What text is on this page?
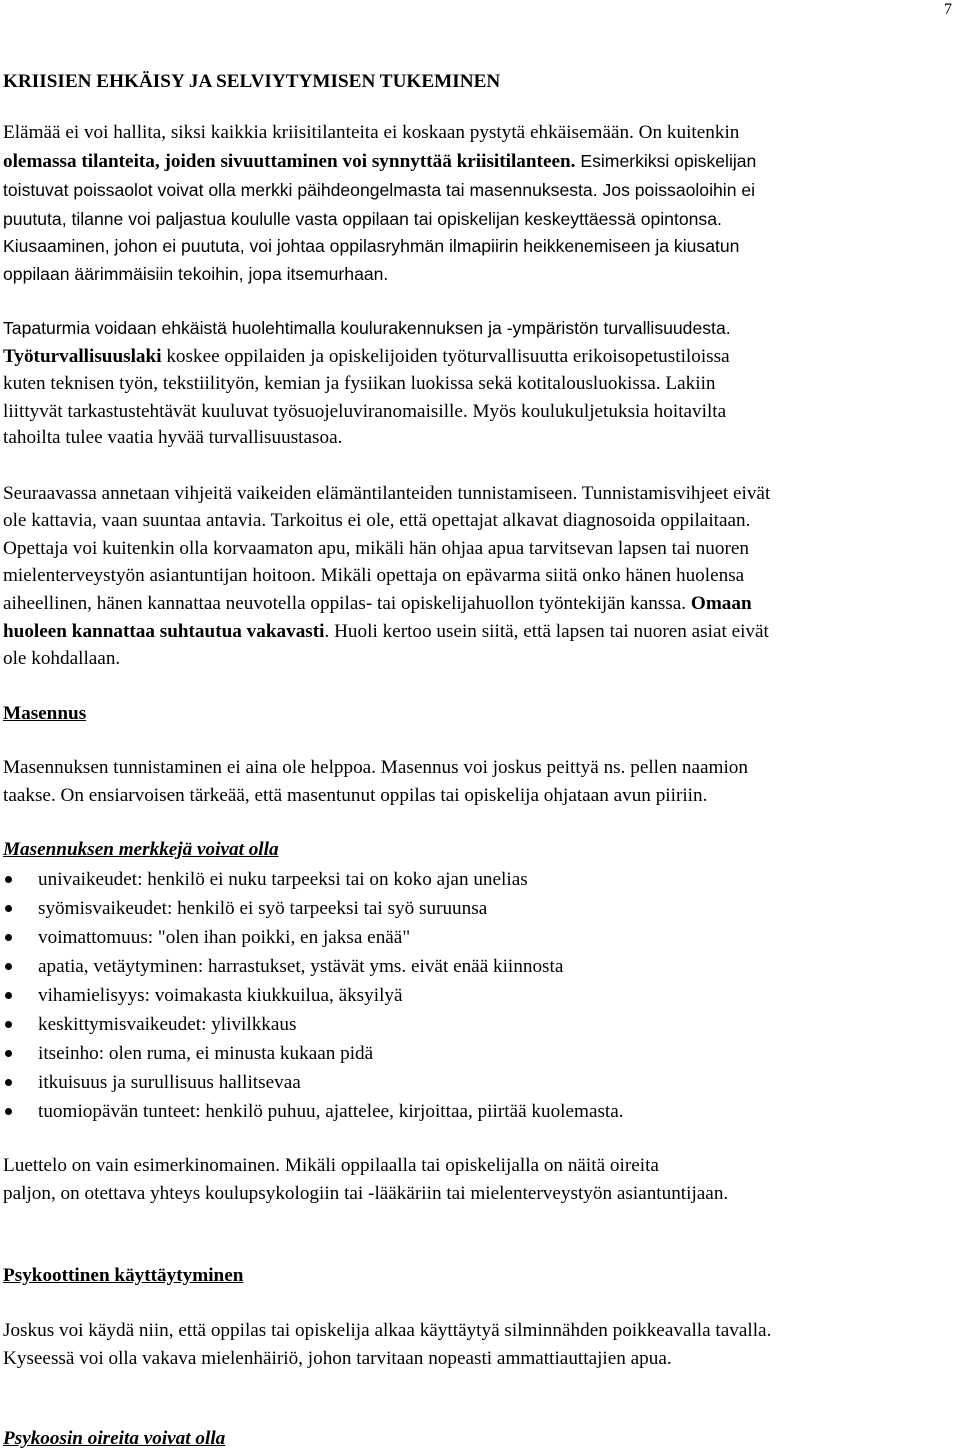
7
KRIISIEN EHKÄISY JA SELVIYTYMISEN TUKEMINEN
Elämää ei voi hallita, siksi kaikkia kriisitilanteita ei koskaan pystytä ehkäisemään. On kuitenkin
olemassa tilanteita, joiden sivuuttaminen voi synnyttää kriisitilanteen. Esimerkiksi opiskelijan
toistuvat poissaolot voivat olla merkki päihdeongelmasta tai masennuksesta. Jos poissaoloihin ei
puututa, tilanne voi paljastua koululle vasta oppilaan tai opiskelijan keskeyttäessä opintonsa.
Kiusaaminen, johon ei puututa, voi johtaa oppilasryhmän ilmapiirin heikkenemiseen ja kiusatun
oppilaan äärimmäisiin tekoihin, jopa itsemurhaan.
Tapaturmia voidaan ehkäistä huolehtimalla koulurakennuksen ja -ympäristön turvallisuudesta.
Työturvallisuuslaki koskee oppilaiden ja opiskelijoiden työturvallisuutta erikoisopetustiloissa
kuten teknisen työn, tekstiilityön, kemian ja fysiikan luokissa sekä kotitalousluokissa. Lakiin
liittyvät tarkastustehtävät kuuluvat työsuojeluviranomaisille. Myös koulukuljetuksia hoitavilta
tahoilta tulee vaatia hyvää turvallisuustasoa.
Seuraavassa annetaan vihjeitä vaikeiden elämäntilanteiden tunnistamiseen. Tunnistamisvihjeet eivät
ole kattavia, vaan suuntaa antavia. Tarkoitus ei ole, että opettajat alkavat diagnosoida oppilaitaan.
Opettaja voi kuitenkin olla korvaamaton apu, mikäli hän ohjaa apua tarvitsevan lapsen tai nuoren
mielenterveystyön asiantuntijan hoitoon. Mikäli opettaja on epävarma siitä onko hänen huolensa
aiheellinen, hänen kannattaa neuvotella oppilas- tai opiskelijahuollon työntekijän kanssa. Omaan
huoleen kannattaa suhtautua vakavasti. Huoli kertoo usein siitä, että lapsen tai nuoren asiat eivät
ole kohdallaan.
Masennus
Masennuksen tunnistaminen ei aina ole helppoa. Masennus voi joskus peittyä ns. pellen naamion
taakse. On ensiarvoisen tärkeää, että masentunut oppilas tai opiskelija ohjataan avun piiriin.
Masennuksen merkkejä voivat olla
univaikeudet: henkilö ei nuku tarpeeksi tai on koko ajan unelias
syömisvaikeudet: henkilö ei syö tarpeeksi tai syö suruunsa
voimattomuus: "olen ihan poikki, en jaksa enää"
apatia, vetäytyminen: harrastukset, ystävät yms. eivät enää kiinnosta
vihamielisyys: voimakasta kiukkuilua, äksyilyä
keskittymisvaikeudet: ylivilkkaus
itseinho: olen ruma, ei minusta kukaan pidä
itkuisuus ja surullisuus hallitsevaa
tuomiopävän tunteet: henkilö puhuu, ajattelee, kirjoittaa, piirtää kuolemasta.
Luettelo on vain esimerkinomainen. Mikäli oppilaalla tai opiskelijalla on näitä oireita
paljon, on otettava yhteys koulupsykologiin tai -lääkäriin tai mielenterveystyön asiantuntijaan.
Psykoottinen käyttäytyminen
Joskus voi käydä niin, että oppilas tai opiskelija alkaa käyttäytyä silminnähden poikkeavalla tavalla.
Kyseessä voi olla vakava mielenhäiriö, johon tarvitaan nopeasti ammattiauttajien apua.
Psykoosin oireita voivat olla
